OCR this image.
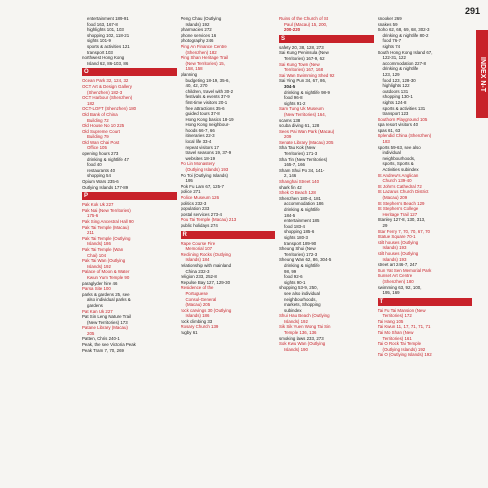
291
INDEX N-T
entertainment 189-91
food 163, 167-8
highlights 101, 103
shopping 102, 118-21
sights 101-9
sports & activities 121
transport 103
northwest Hong Kong
Island 62, 86-103, 86
O
Ocean Park 32, 124, 32
OCT Art & Design Gallery
(Shenzhen) 182-3
OCT Harbour (Shenzhen)
182
OCT-LOFT (Shenzhen) 180
Old Bank of China
Building 72
Old House No 10 225
Old Supreme Court
Building 79
Old Wan Chai Post
Office 105
opening hours 273
drinking & nightlife 47
food 40
restaurants 40
shopping 54
Opium Wars 235-6
Outlying Islands 177-89
P
Pak Kok Uk 227
Pak Nai (New Territories)
175-6
Pak Sing Ancestral Hall 90
Pak Tai Temple (Macau)
211
Pak Tai Temple (Outlying
Islands) 186
Pak Tai Temple (Wan
Chai) 104
Pak Tai Wan (Outlying
Islands) 192
Palace of Moon & Water
Kwun Yum Temple 90
paraglyder hire 46
Parsa Site 100
parks & gardens 25, see
also individual parks &
gardens
Pat Kan Uk 227
Pat Sin Leng Nature Trail
(New Territories) 173
Patane Library (Macau)
205
Patten, Chris 240-1
Peak, the see Victoria Peak
Peak Tram 7, 70, 269
Peng Chau (Outlying
Islands) 192
pharmacies 272
phone services 16
photography 246
Ping An Finance Centre
(Shenzhen) 182
Ping Shan Heritage Trail
(New Territories) 15,
158, 158
planning
budgeting 18-19, 35-6,
40, 42, 270
children, travel with 30-2
festivals & events 37-9
first-time visitors 20-1
free attractions 35-6
guided tours 37-8
Hong Kong basics 18-19
Hong Kong neighbour-
hoods 66-7, 66
itineraries 22-3
local life 33-4
repeat visitors 17
travel seasons 19, 37-9
websites 18-19
Po Lin Monastery
(Outlying Islands) 193
Po Toi (Outlying Islands)
195
Pok Fu Lam 67, 125-7
police 271
Police Museum 126
politics 232-3
population 233
postal services 273-4
Pou Tai Temple (Macau) 213
public holidays 274
R
Rape Course Fire
Memorial 107
Reclining Rocks (Outlying
Islands) 184
relationship with mainland
China 232-3
religion 233, 252-8
Repulse Bay 127, 129-30
Residence of the
Portuguese
Consul-General
(Macau) 205
rock carvings 30 (Outlying
Islands) 186
rock climbing 33
Rosary Church 139
rugby 61
Ruins of the Church of St
Paul (Macau) 15, 200,
200-220
S
safety 20, 38, 128, 273
Sai Kung Peninsula (New
Territories) 167-9, 62
Sai Kung Town (New
Territories) 167, 168
Sai Wan Swimming Shed 92
Sai Ying Pun 34, 67, 86,
304-5
drinking & nightlife 98-9
food 96-8
sights 91-2
Sam Tung Uk Museum
(New Territories) 164,
scams 138
scuba diving 61, 128
Sees Pai Wan Park (Macau)
209
Senate Library (Macau) 205
Sha Tau Kok (New
Territories) 171-3
Sha Tin (New Territories)
165-7, 166
Sham Shui Po 34, 141-
2, 146
Shanghai Street 140
shark fin 42
Shek O Beach 128
Shenzhen 180-4, 181
accommodation 186
drinking & nightlife
184-5
entertainment 185
food 183-4
shopping 185-6
sights 180-3
transport 189-90
Sheung Shui (New
Territories) 172-3
Sheung Wan 62, 86, 304-5
drinking & nightlife
98, 99
food 92-6
sights 90-1
shopping 53-9, 250,
see also individual
neighbourhoods,
markets, Shopping
subindex
Shui Hau Beach (Outlying
Islands) 192
Sik Sik Yuen Wong Tai Sin
Temple 136, 136
smoking laws 233, 273
Sok Kwu Wan (Outlying
Islands) 190
snooker 269
snakes 59
Soho 62, 68, 69, 68, 302-3
drinking & nightlife 80-2
food 76-7
sights 74
South Hong Kong Island 67,
122-31, 122
accommodation 227-8
drinking & nightlife
123, 129
food 123, 128-30
highlights 122
outdoors 131
shopping 130-1
sights 124-8
sports & activities 131
transport 123
Southorn Playground 105
spa resort visitors 40
spas 61, 63
Splendid China (Shenzhen)
183
sports 59-63, see also
individual
neighbourhoods,
sports, Sports &
Activities subindex
St Andrew's Anglican
Church 139-40
St John's Cathedral 72
St Lazarus Church District
(Macau) 209
St Stephen's Beach 129
St Stephen's College
Heritage Trail 127
Stanley 127-8, 130, 313,
29
Star Ferry 7, 70, 70, 67, 70
Statue Square 70-1
stilt houses (Outlying
Islands) 193
stilt houses (Outlying
Islands) 193
street art 246-7, 247
Sun Yat Sen Memorial Park
Sunset Art Centre
(Shenzhen) 180
swimming 63, 92, 100,
195, 169
T
Tai Fu Tai Mansion (New
Territories) 172
Tai Hang 105
Tai Kwun 11, 17, 71, 71, 71
Tai Mo Shan (New
Territories) 161
Tai O Rock Tai Temple
(Outlying Islands) 192
Tai O (Outlying Islands) 192
